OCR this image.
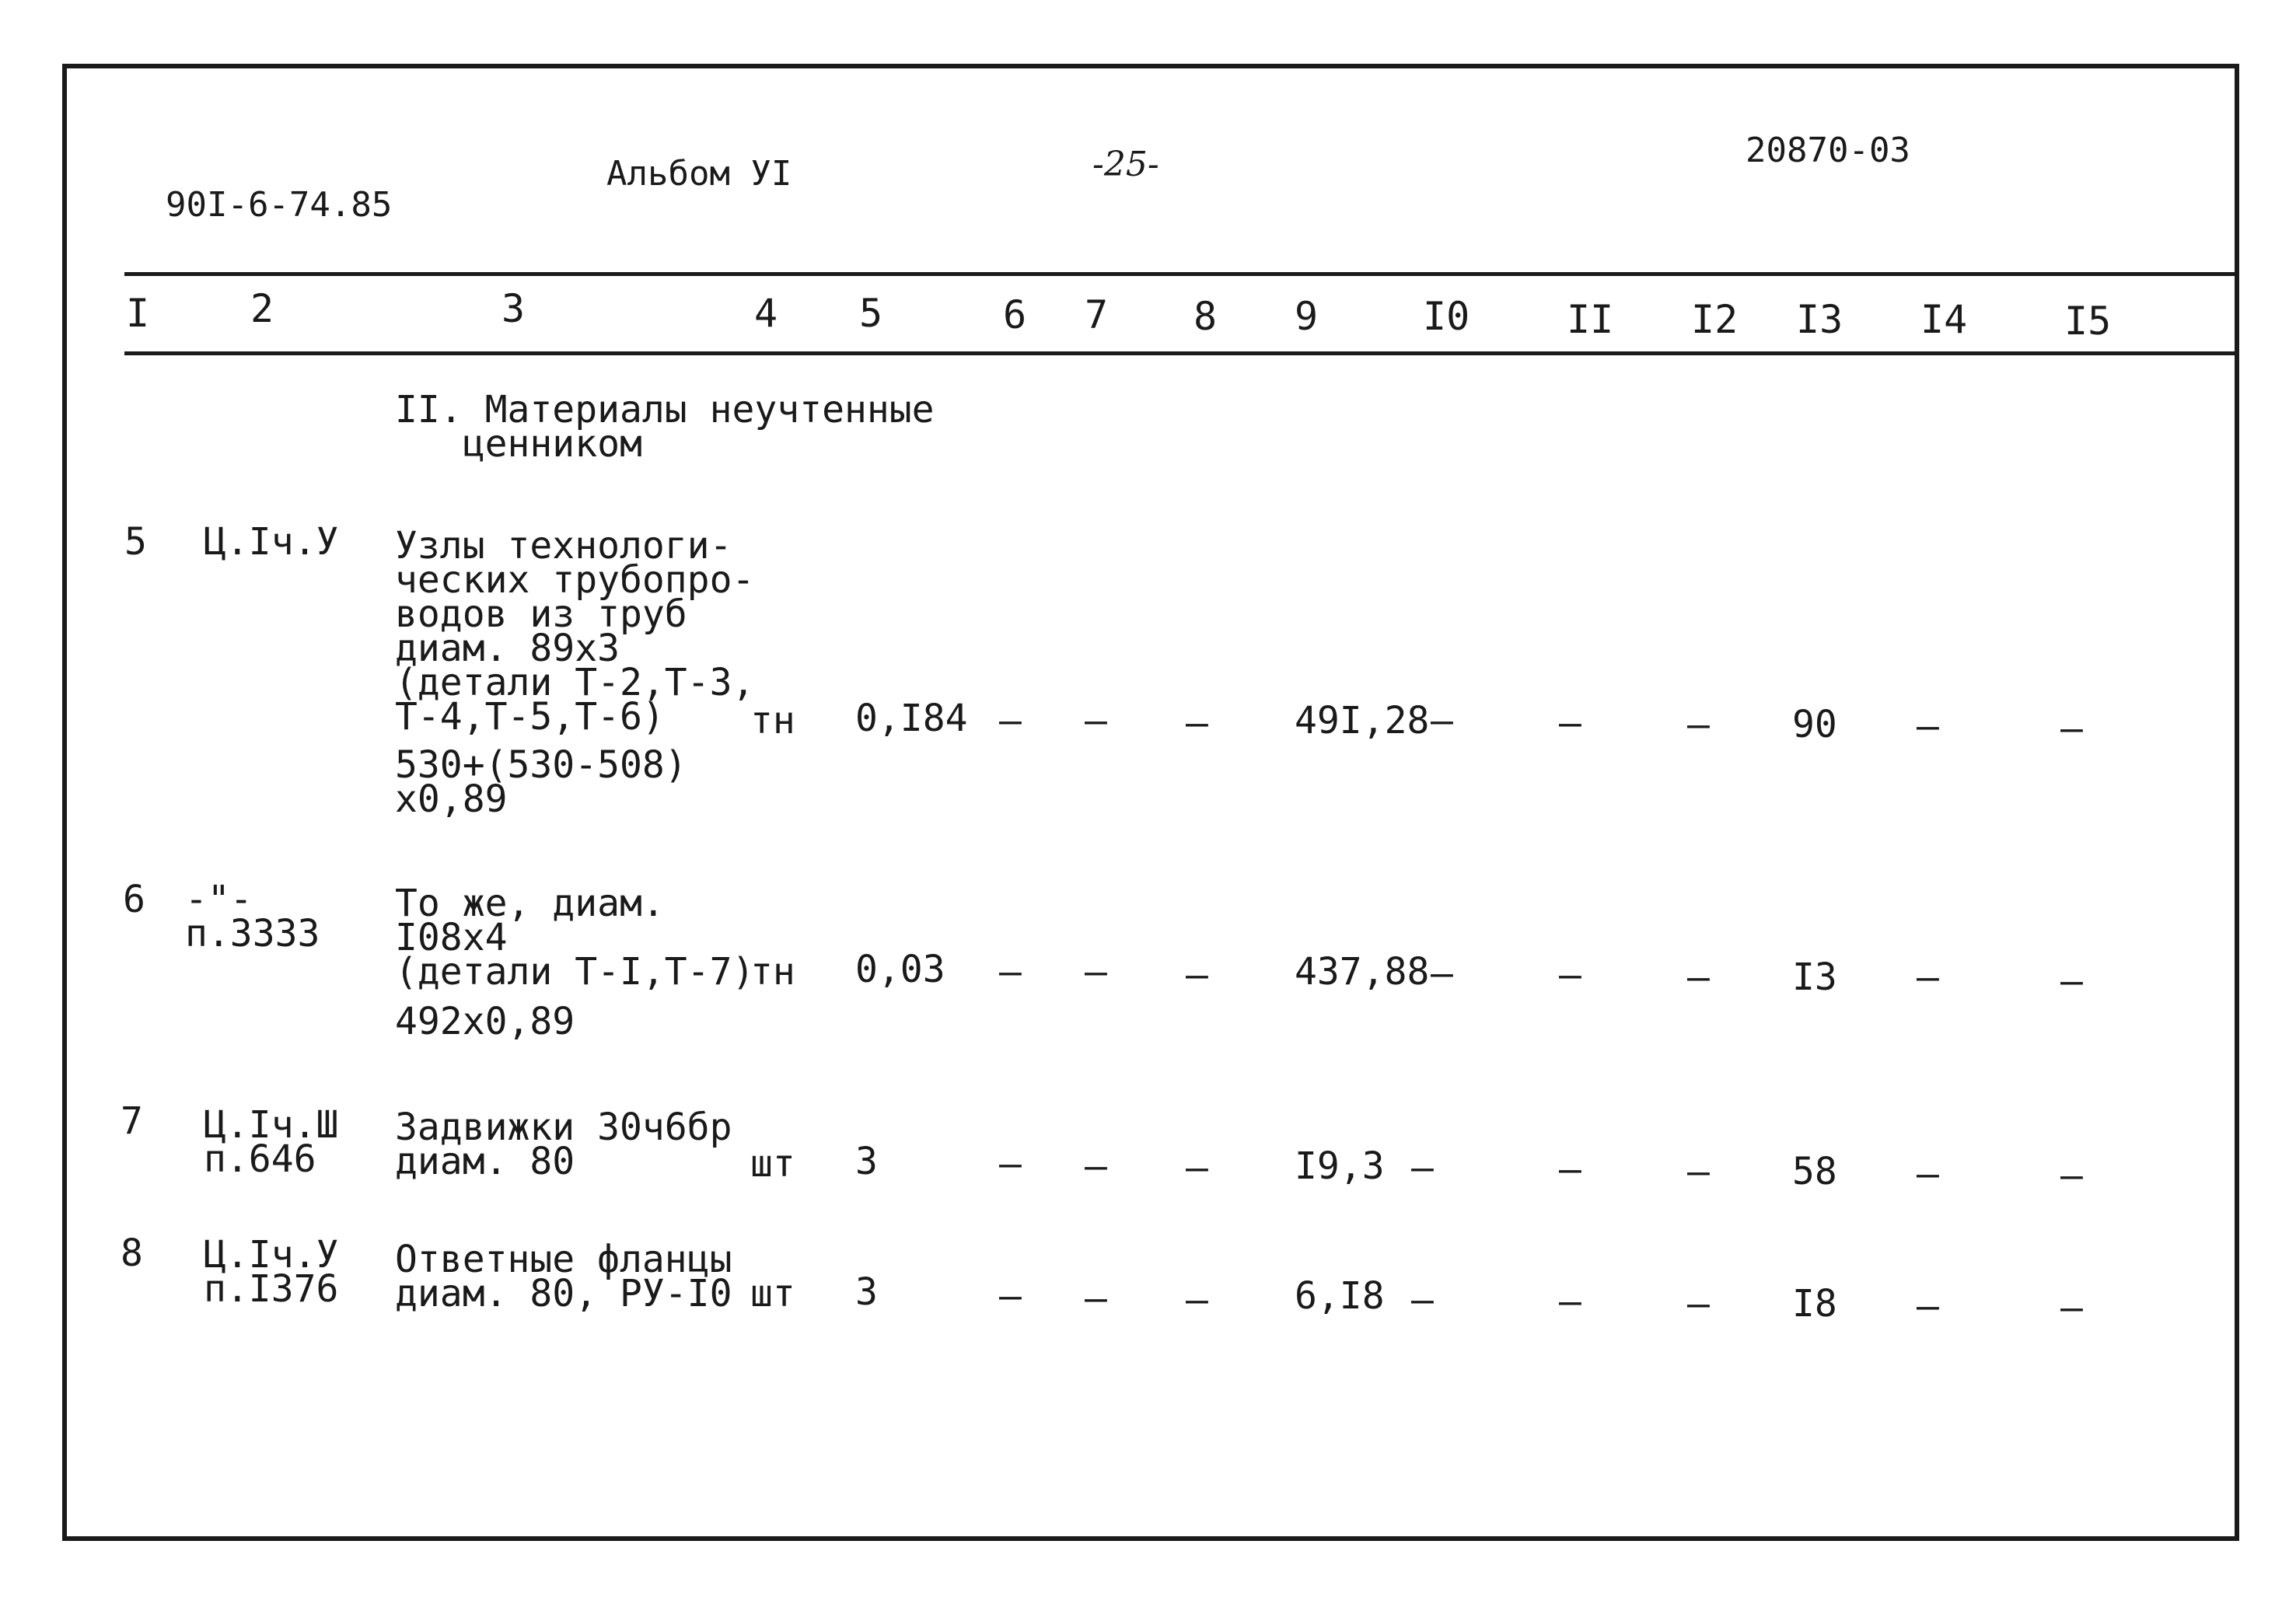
90I-6-74.85

Альбом УI	-25-	20870-03
I	2	3	4 5	6 7 8 9	I0 II I2 I3 I4 I5
II. Материалы неучтенные
ценником
5 Ц.Iч.У Узлы технологи-
ческих трубопро-
водов из труб
диам. 89х3
(детали Т-2,Т-3,
Т-4,Т-5,Т-6)
530+(530-508)
х0,89
тн 0,I84 – – – 49I,28 –	–	– 90 –	–
6 -"-
п.3333
То же, диам.
I08х4
(детали Т-I,Т-7)
492х0,89
тн 0,03 – – – 437,88 –	–	– I3 –	–
7 Ц.Iч.Ш
п.646
Задвижки 30ч6бр
диам. 80	шт 3	– – – I9,3 –	–	– 58 –	–
8 Ц.Iч.У
п.I376
Ответные фланцы
диам. 80, РУ-I0 шт 3	– – – 6,I8 –	–	– I8 –	–
